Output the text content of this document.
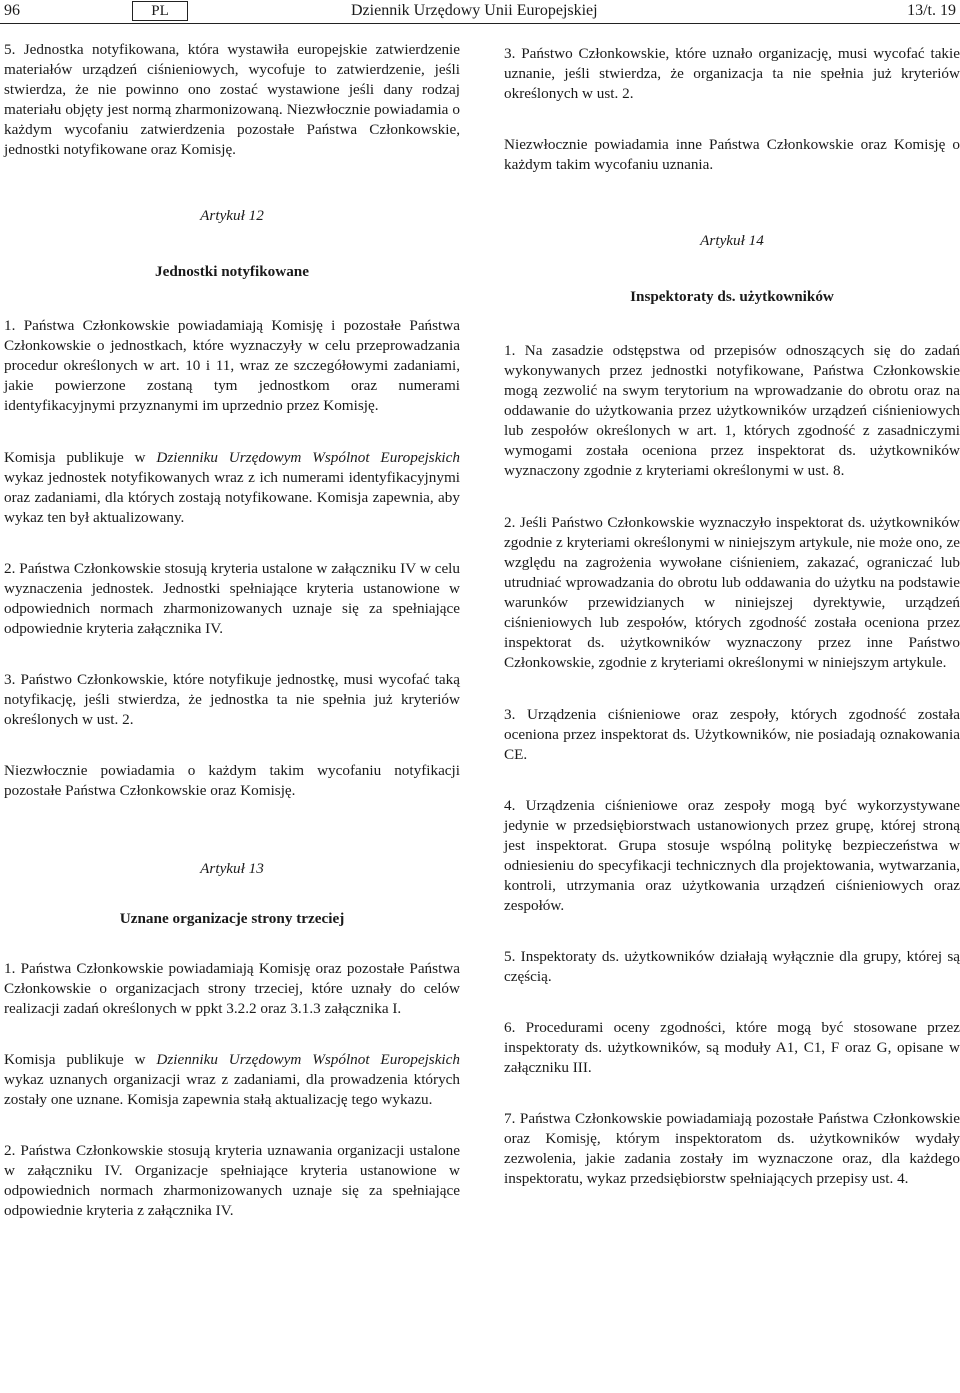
96	PL	Dziennik Urzędowy Unii Europejskiej	13/t. 19

5. Jednostka notyfikowana, która wystawiła europejskie zatwierdzenie materiałów urządzeń ciśnieniowych, wycofuje to zatwierdzenie, jeśli stwierdza, że nie powinno ono zostać wystawione jeśli dany rodzaj materiału objęty jest normą zharmonizowaną. Niezwłocznie powiadamia o każdym wycofaniu zatwierdzenia pozostałe Państwa Członkowskie, jednostki notyfikowane oraz Komisję.

Artykuł 12

Jednostki notyfikowane

1. Państwa Członkowskie powiadamiają Komisję i pozostałe Państwa Członkowskie o jednostkach, które wyznaczyły w celu przeprowadzania procedur określonych w art. 10 i 11, wraz ze szczegółowymi zadaniami, jakie powierzone zostaną tym jednostkom oraz numerami identyfikacyjnymi przyznanymi im uprzednio przez Komisję.

Komisja publikuje w Dzienniku Urzędowym Wspólnot Europejskich wykaz jednostek notyfikowanych wraz z ich numerami identyfikacyjnymi oraz zadaniami, dla których zostają notyfikowane. Komisja zapewnia, aby wykaz ten był aktualizowany.

2. Państwa Członkowskie stosują kryteria ustalone w załączniku IV w celu wyznaczenia jednostek. Jednostki spełniające kryteria ustanowione w odpowiednich normach zharmonizowanych uznaje się za spełniające odpowiednie kryteria załącznika IV.

3. Państwo Członkowskie, które notyfikuje jednostkę, musi wycofać taką notyfikację, jeśli stwierdza, że jednostka ta nie spełnia już kryteriów określonych w ust. 2.

Niezwłocznie powiadamia o każdym takim wycofaniu notyfikacji pozostałe Państwa Członkowskie oraz Komisję.

Artykuł 13

Uznane organizacje strony trzeciej

1. Państwa Członkowskie powiadamiają Komisję oraz pozostałe Państwa Członkowskie o organizacjach strony trzeciej, które uznały do celów realizacji zadań określonych w ppkt 3.2.2 oraz 3.1.3 załącznika I.

Komisja publikuje w Dzienniku Urzędowym Wspólnot Europejskich wykaz uznanych organizacji wraz z zadaniami, dla prowadzenia których zostały one uznane. Komisja zapewnia stałą aktualizację tego wykazu.

2. Państwa Członkowskie stosują kryteria uznawania organizacji ustalone w załączniku IV. Organizacje spełniające kryteria ustanowione w odpowiednich normach zharmonizowanych uznaje się za spełniające odpowiednie kryteria z załącznika IV.

3. Państwo Członkowskie, które uznało organizację, musi wycofać takie uznanie, jeśli stwierdza, że organizacja ta nie spełnia już kryteriów określonych w ust. 2.

Niezwłocznie powiadamia inne Państwa Członkowskie oraz Komisję o każdym takim wycofaniu uznania.

Artykuł 14

Inspektoraty ds. użytkowników

1. Na zasadzie odstępstwa od przepisów odnoszących się do zadań wykonywanych przez jednostki notyfikowane, Państwa Członkowskie mogą zezwolić na swym terytorium na wprowadzanie do obrotu oraz na oddawanie do użytkowania przez użytkowników urządzeń ciśnieniowych lub zespołów określonych w art. 1, których zgodność z zasadniczymi wymogami została oceniona przez inspektorat ds. użytkowników wyznaczony zgodnie z kryteriami określonymi w ust. 8.

2. Jeśli Państwo Członkowskie wyznaczyło inspektorat ds. użytkowników zgodnie z kryteriami określonymi w niniejszym artykule, nie może ono, ze względu na zagrożenia wywołane ciśnieniem, zakazać, ograniczać lub utrudniać wprowadzania do obrotu lub oddawania do użytku na podstawie warunków przewidzianych w niniejszej dyrektywie, urządzeń ciśnieniowych lub zespołów, których zgodność została oceniona przez inspektorat ds. użytkowników wyznaczony przez inne Państwo Członkowskie, zgodnie z kryteriami określonymi w niniejszym artykule.

3. Urządzenia ciśnieniowe oraz zespoły, których zgodność została oceniona przez inspektorat ds. Użytkowników, nie posiadają oznakowania CE.

4. Urządzenia ciśnieniowe oraz zespoły mogą być wykorzystywane jedynie w przedsiębiorstwach ustanowionych przez grupę, której stroną jest inspektorat. Grupa stosuje wspólną politykę bezpieczeństwa w odniesieniu do specyfikacji technicznych dla projektowania, wytwarzania, kontroli, utrzymania oraz użytkowania urządzeń ciśnieniowych oraz zespołów.

5. Inspektoraty ds. użytkowników działają wyłącznie dla grupy, której są częścią.

6. Procedurami oceny zgodności, które mogą być stosowane przez inspektoraty ds. użytkowników, są moduły A1, C1, F oraz G, opisane w załączniku III.

7. Państwa Członkowskie powiadamiają pozostałe Państwa Członkowskie oraz Komisję, którym inspektoratom ds. użytkowników wydały zezwolenia, jakie zadania zostały im wyznaczone oraz, dla każdego inspektoratu, wykaz przedsiębiorstw spełniających przepisy ust. 4.
